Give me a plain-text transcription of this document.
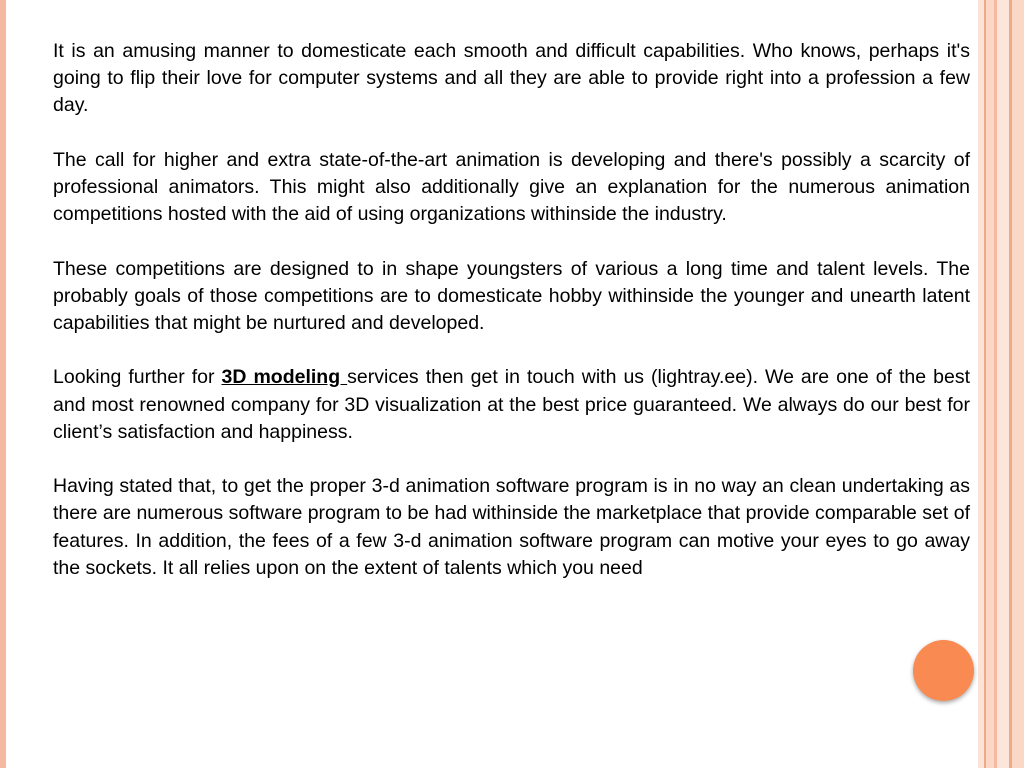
It is an amusing manner to domesticate each smooth and difficult capabilities. Who knows, perhaps it's going to flip their love for computer systems and all they are able to provide right into a profession a few day.

The call for higher and extra state-of-the-art animation is developing and there's possibly a scarcity of professional animators. This might also additionally give an explanation for the numerous animation competitions hosted with the aid of using organizations withinside the industry.

These competitions are designed to in shape youngsters of various a long time and talent levels. The probably goals of those competitions are to domesticate hobby withinside the younger and unearth latent capabilities that might be nurtured and developed.

Looking further for 3D modeling services then get in touch with us (lightray.ee). We are one of the best and most renowned company for 3D visualization at the best price guaranteed. We always do our best for client’s satisfaction and happiness.

Having stated that, to get the proper 3-d animation software program is in no way an clean undertaking as there are numerous software program to be had withinside the marketplace that provide comparable set of features. In addition, the fees of a few 3-d animation software program can motive your eyes to go away the sockets. It all relies upon on the extent of talents which you need
